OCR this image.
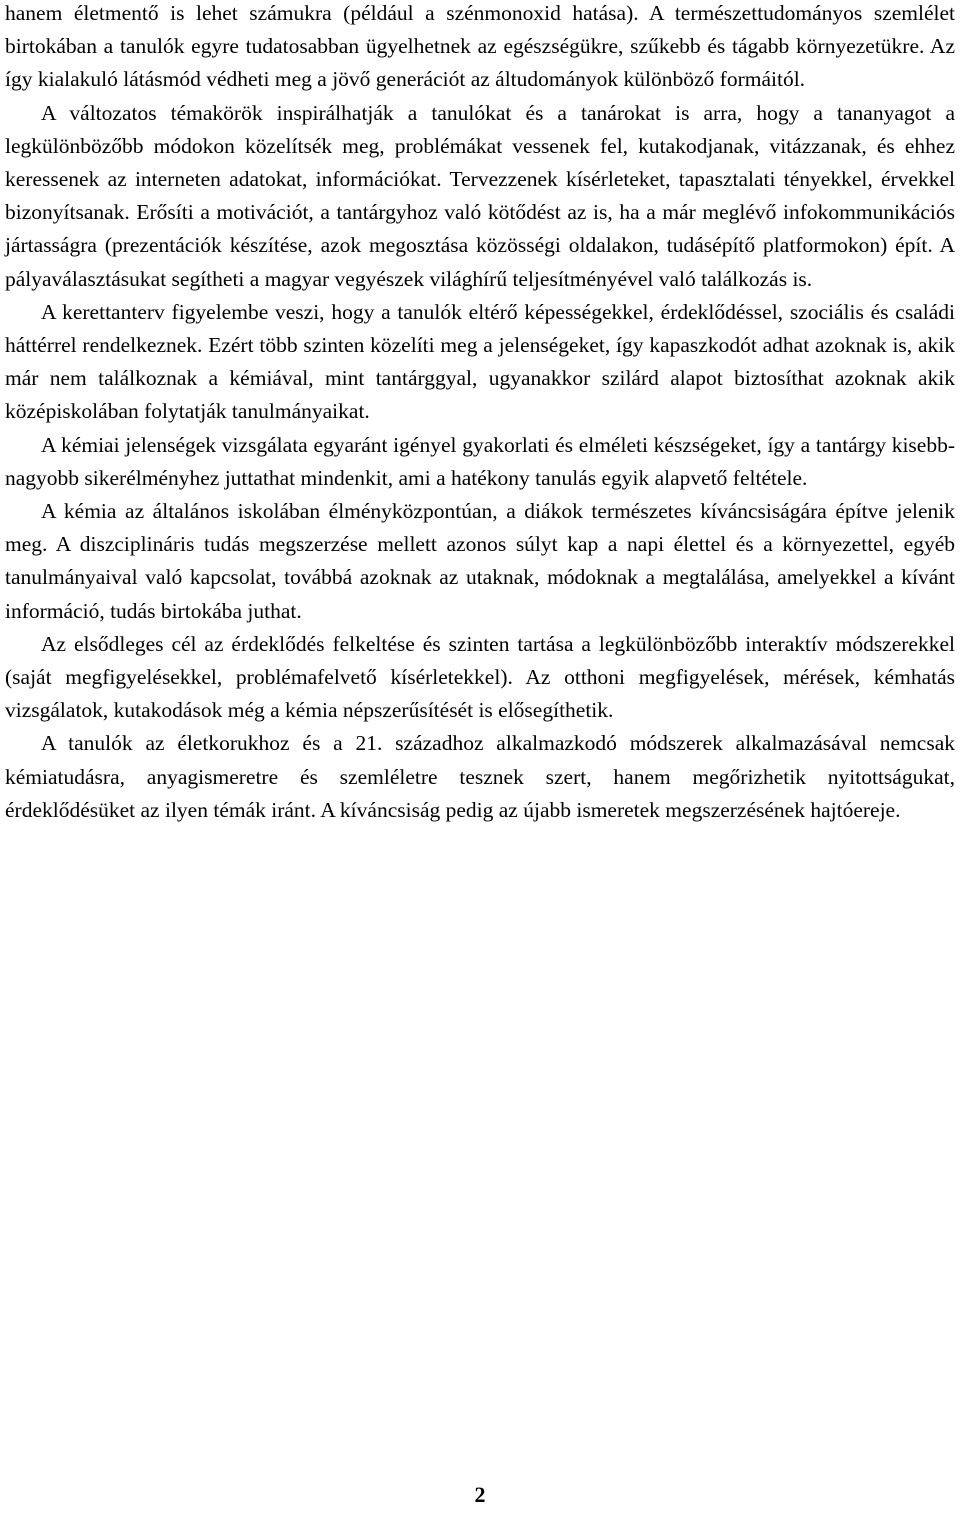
hanem életmentő is lehet számukra (például a szénmonoxid hatása). A természettudományos szemlélet birtokában a tanulók egyre tudatosabban ügyelhetnek az egészségükre, szűkebb és tágabb környezetükre. Az így kialakuló látásmód védheti meg a jövő generációt az áltudományok különböző formáitól.

A változatos témakörök inspirálhatják a tanulókat és a tanárokat is arra, hogy a tananyagot a legkülönbözőbb módokon közelítsék meg, problémákat vessenek fel, kutakodjanak, vitázzanak, és ehhez keressenek az interneten adatokat, információkat. Tervezzenek kísérleteket, tapasztalati tényekkel, érvekkel bizonyítsanak. Erősíti a motivációt, a tantárgyhoz való kötődést az is, ha a már meglévő infokommunikációs jártasságra (prezentációk készítése, azok megosztása közösségi oldalakon, tudásépítő platformokon) épít. A pályaválasztásukat segítheti a magyar vegyészek világhírű teljesítményével való találkozás is.

A kerettanterv figyelembe veszi, hogy a tanulók eltérő képességekkel, érdeklődéssel, szociális és családi háttérrel rendelkeznek. Ezért több szinten közelíti meg a jelenségeket, így kapaszkodót adhat azoknak is, akik már nem találkoznak a kémiával, mint tantárggyal, ugyanakkor szilárd alapot biztosíthat azoknak akik középiskolában folytatják tanulmányaikat.

A kémiai jelenségek vizsgálata egyaránt igényel gyakorlati és elméleti készségeket, így a tantárgy kisebb-nagyobb sikerélményhez juttathat mindenkit, ami a hatékony tanulás egyik alapvető feltétele.

A kémia az általános iskolában élményközpontúan, a diákok természetes kíváncsiságára építve jelenik meg. A diszciplináris tudás megszerzése mellett azonos súlyt kap a napi élettel és a környezettel, egyéb tanulmányaival való kapcsolat, továbbá azoknak az utaknak, módoknak a megtalálása, amelyekkel a kívánt információ, tudás birtokába juthat.

Az elsődleges cél az érdeklődés felkeltése és szinten tartása a legkülönbözőbb interaktív módszerekkel (saját megfigyelésekkel, problémafelvető kísérletekkel). Az otthoni megfigyelések, mérések, kémhatás vizsgálatok, kutakodások még a kémia népszerűsítését is elősegíthetik.

A tanulók az életkorukhoz és a 21. századhoz alkalmazkodó módszerek alkalmazásával nemcsak kémiatudásra, anyagismeretre és szemléletre tesznek szert, hanem megőrizhetik nyitottságukat, érdeklődésüket az ilyen témák iránt. A kíváncsiság pedig az újabb ismeretek megszerzésének hajtóereje.

2
